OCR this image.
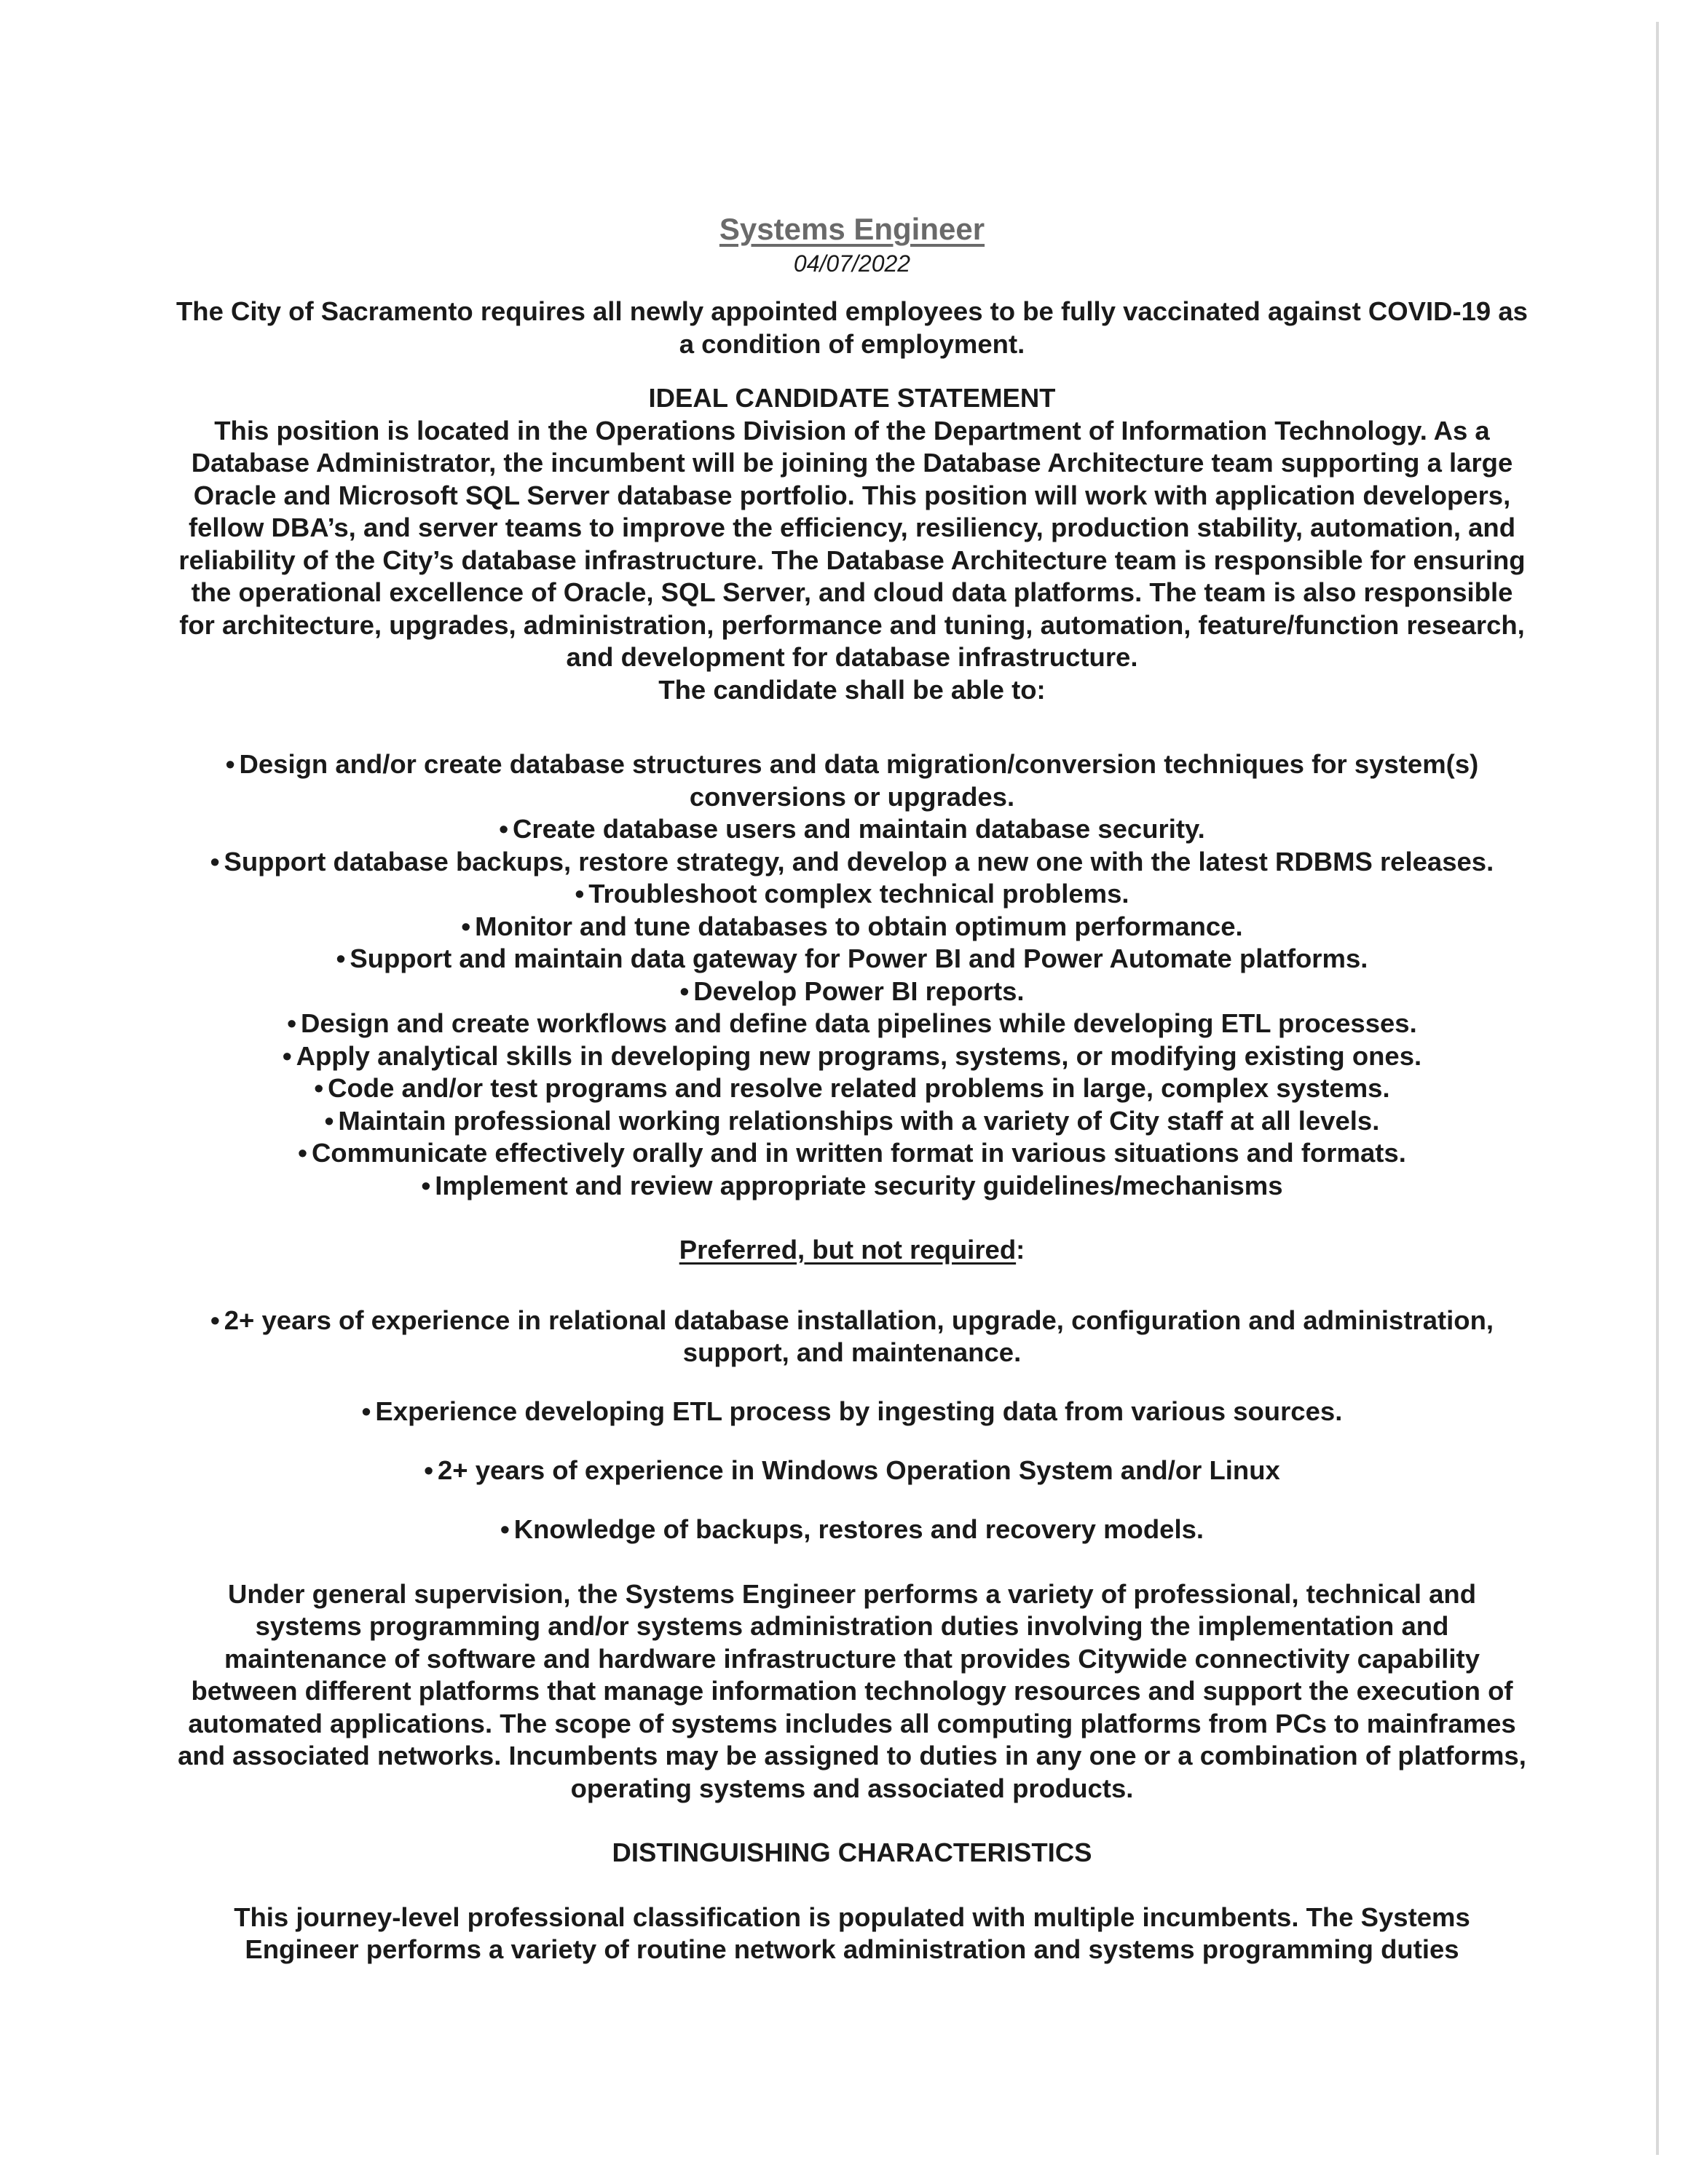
Systems Engineer
04/07/2022

The City of Sacramento requires all newly appointed employees to be fully vaccinated against COVID-19 as a condition of employment.

IDEAL CANDIDATE STATEMENT

This position is located in the Operations Division of the Department of Information Technology. As a Database Administrator, the incumbent will be joining the Database Architecture team supporting a large Oracle and Microsoft SQL Server database portfolio. This position will work with application developers, fellow DBA’s, and server teams to improve the efficiency, resiliency, production stability, automation, and reliability of the City’s database infrastructure. The Database Architecture team is responsible for ensuring the operational excellence of Oracle, SQL Server, and cloud data platforms. The team is also responsible for architecture, upgrades, administration, performance and tuning, automation, feature/function research, and development for database infrastructure.

The candidate shall be able to:

• Design and/or create database structures and data migration/conversion techniques for system(s) conversions or upgrades.

• Create database users and maintain database security.

• Support database backups, restore strategy, and develop a new one with the latest RDBMS releases.

• Troubleshoot complex technical problems.

• Monitor and tune databases to obtain optimum performance.

• Support and maintain data gateway for Power BI and Power Automate platforms.

• Develop Power BI reports.

• Design and create workflows and define data pipelines while developing ETL processes.

• Apply analytical skills in developing new programs, systems, or modifying existing ones.

• Code and/or test programs and resolve related problems in large, complex systems.

• Maintain professional working relationships with a variety of City staff at all levels.

• Communicate effectively orally and in written format in various situations and formats.

• Implement and review appropriate security guidelines/mechanisms

Preferred, but not required:

• 2+ years of experience in relational database installation, upgrade, configuration and administration, support, and maintenance.

• Experience developing ETL process by ingesting data from various sources.

• 2+ years of experience in Windows Operation System and/or Linux

• Knowledge of backups, restores and recovery models.

Under general supervision, the Systems Engineer performs a variety of professional, technical and systems programming and/or systems administration duties involving the implementation and maintenance of software and hardware infrastructure that provides Citywide connectivity capability between different platforms that manage information technology resources and support the execution of automated applications. The scope of systems includes all computing platforms from PCs to mainframes and associated networks. Incumbents may be assigned to duties in any one or a combination of platforms, operating systems and associated products.

DISTINGUISHING CHARACTERISTICS

This journey-level professional classification is populated with multiple incumbents. The Systems Engineer performs a variety of routine network administration and systems programming duties
